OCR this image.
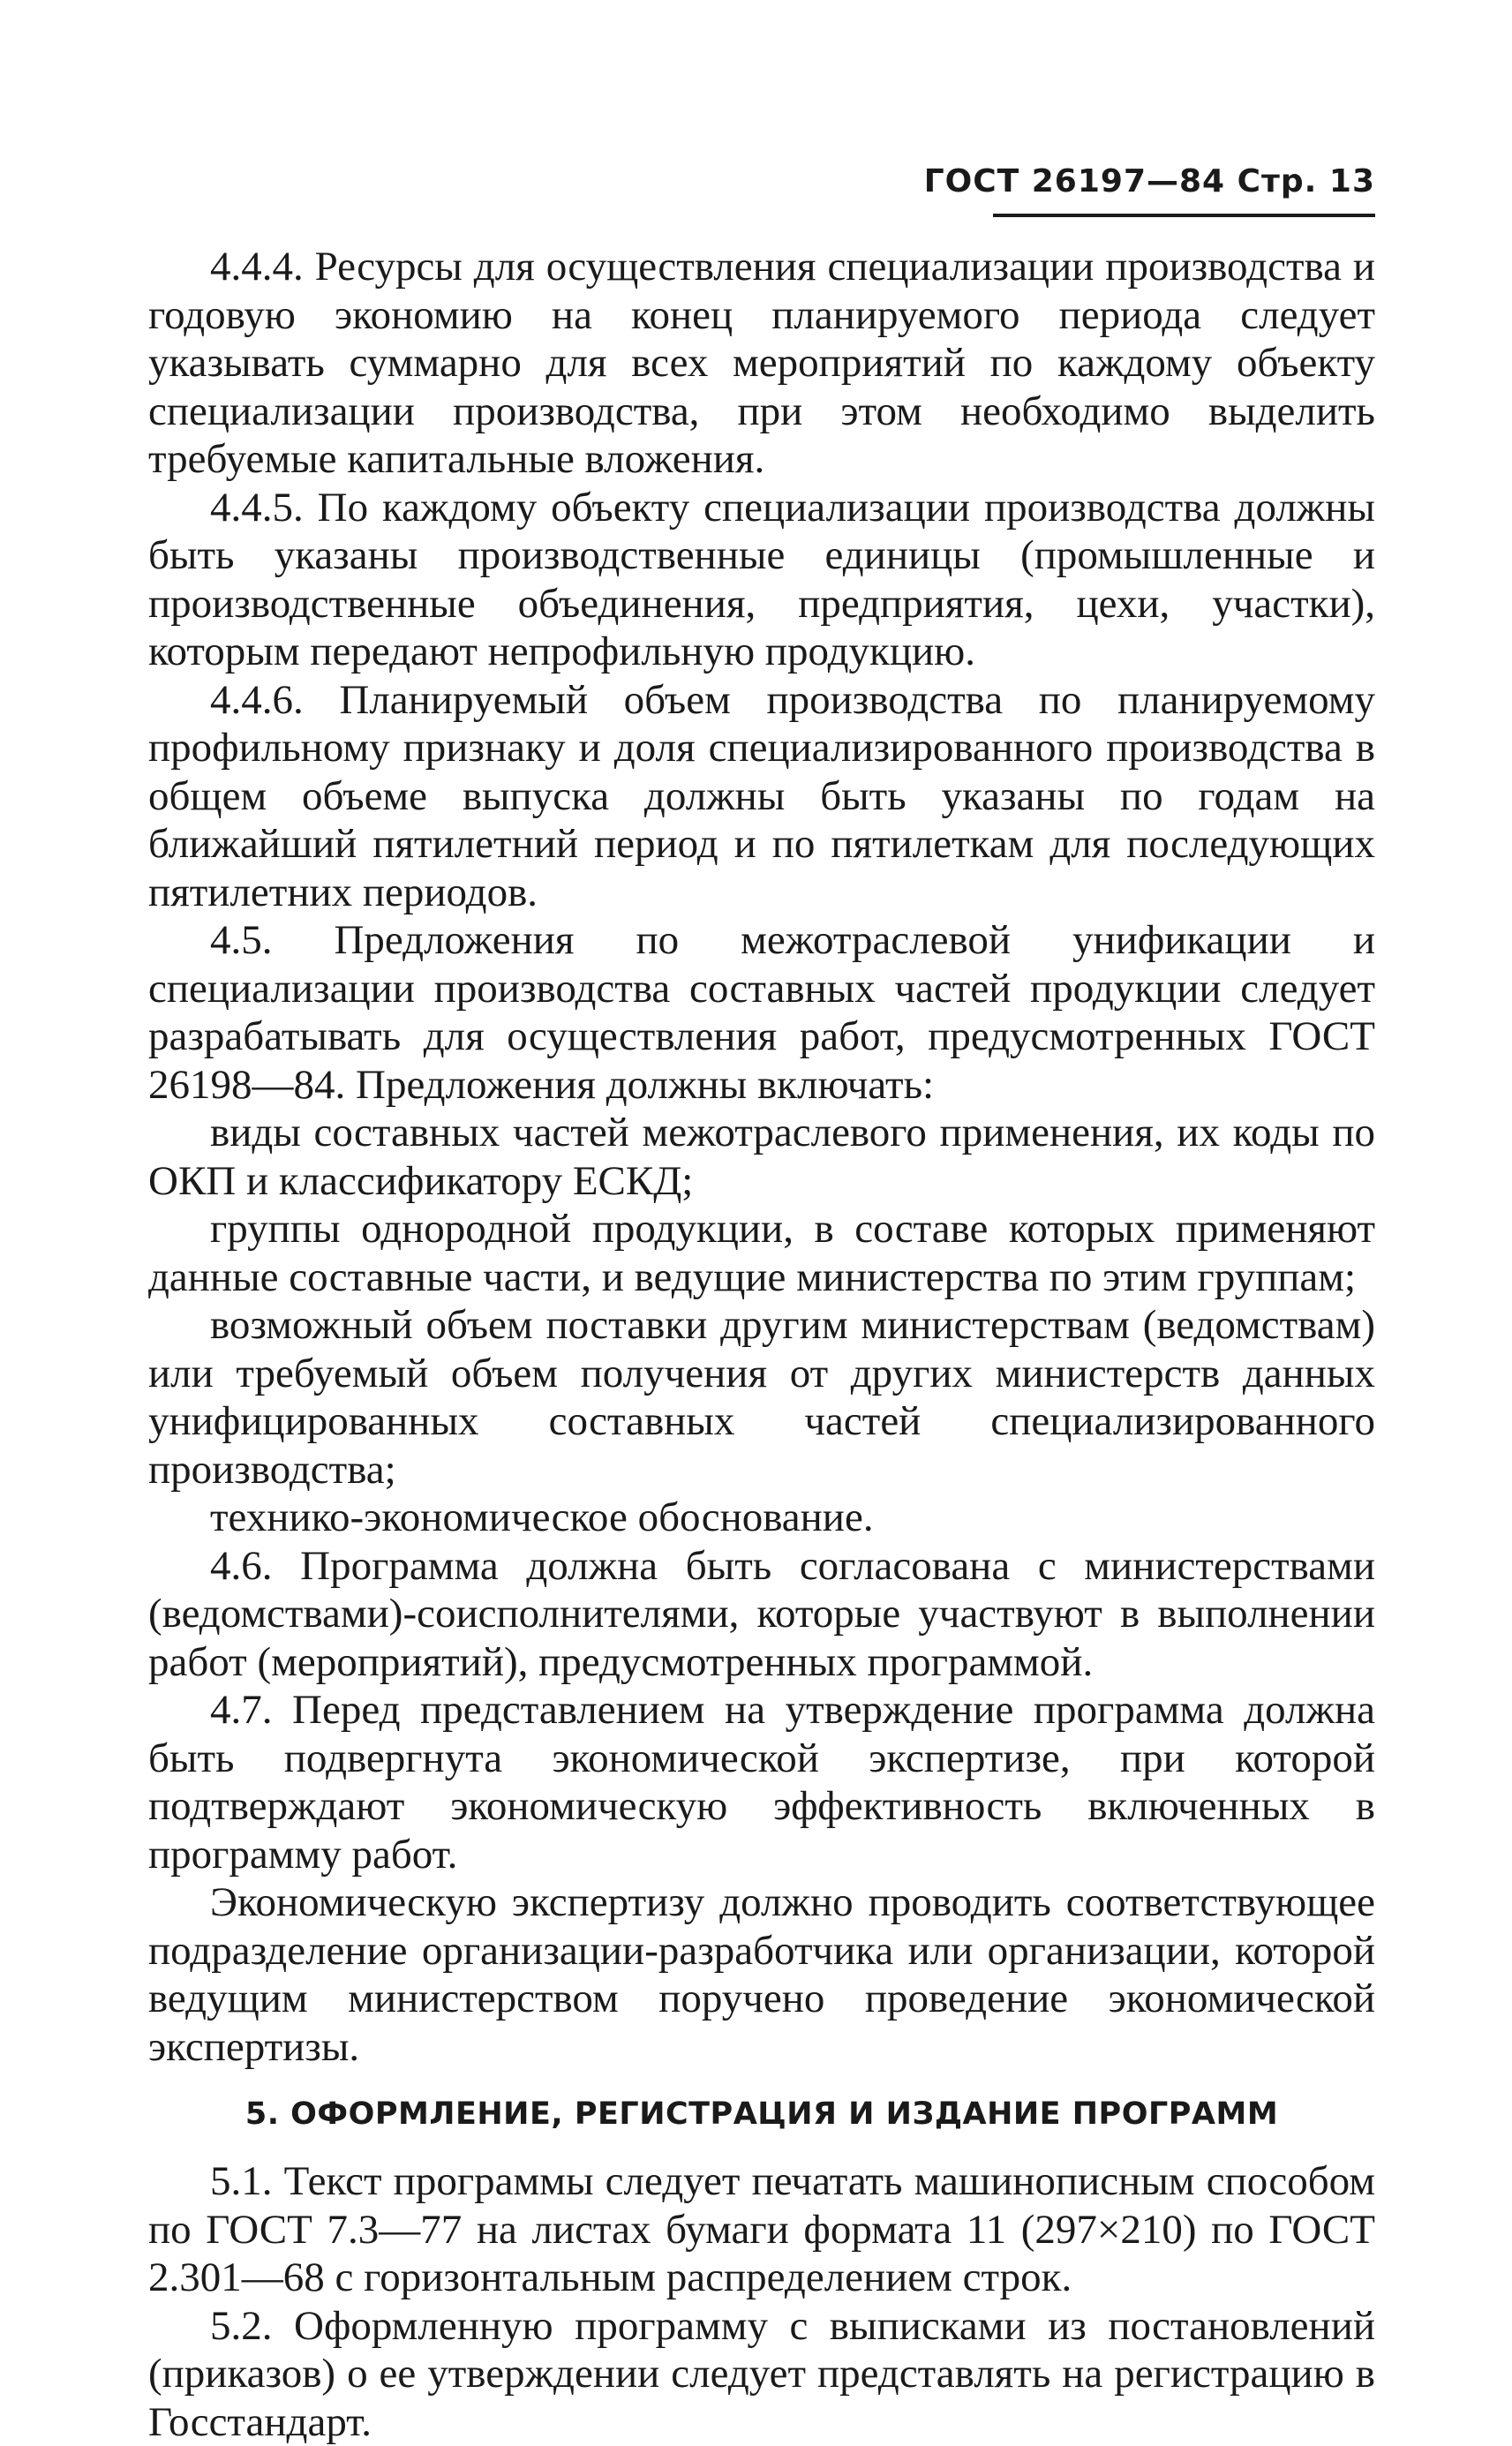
ГОСТ 26197—84 Стр. 13

4.4.4. Ресурсы для осуществления специализации производства и годовую экономию на конец планируемого периода следует указывать суммарно для всех мероприятий по каждому объекту специализации производства, при этом необходимо выделить требуемые капитальные вложения.

4.4.5. По каждому объекту специализации производства должны быть указаны производственные единицы (промышленные и производственные объединения, предприятия, цехи, участки), которым передают непрофильную продукцию.

4.4.6. Планируемый объем производства по планируемому профильному признаку и доля специализированного производства в общем объеме выпуска должны быть указаны по годам на ближайший пятилетний период и по пятилеткам для последующих пятилетних периодов.

4.5. Предложения по межотраслевой унификации и специализации производства составных частей продукции следует разрабатывать для осуществления работ, предусмотренных ГОСТ 26198—84. Предложения должны включать:

виды составных частей межотраслевого применения, их коды по ОКП и классификатору ЕСКД;

группы однородной продукции, в составе которых применяют данные составные части, и ведущие министерства по этим группам;

возможный объем поставки другим министерствам (ведомствам) или требуемый объем получения от других министерств данных унифицированных составных частей специализированного производства;

технико-экономическое обоснование.

4.6. Программа должна быть согласована с министерствами (ведомствами)-соисполнителями, которые участвуют в выполнении работ (мероприятий), предусмотренных программой.

4.7. Перед представлением на утверждение программа должна быть подвергнута экономической экспертизе, при которой подтверждают экономическую эффективность включенных в программу работ.

Экономическую экспертизу должно проводить соответствующее подразделение организации-разработчика или организации, которой ведущим министерством поручено проведение экономической экспертизы.

5. ОФОРМЛЕНИЕ, РЕГИСТРАЦИЯ И ИЗДАНИЕ ПРОГРАММ

5.1. Текст программы следует печатать машинописным способом по ГОСТ 7.3—77 на листах бумаги формата 11 (297×210) по ГОСТ 2.301—68 с горизонтальным распределением строк.

5.2. Оформленную программу с выписками из постановлений (приказов) о ее утверждении следует представлять на регистрацию в Госстандарт.
